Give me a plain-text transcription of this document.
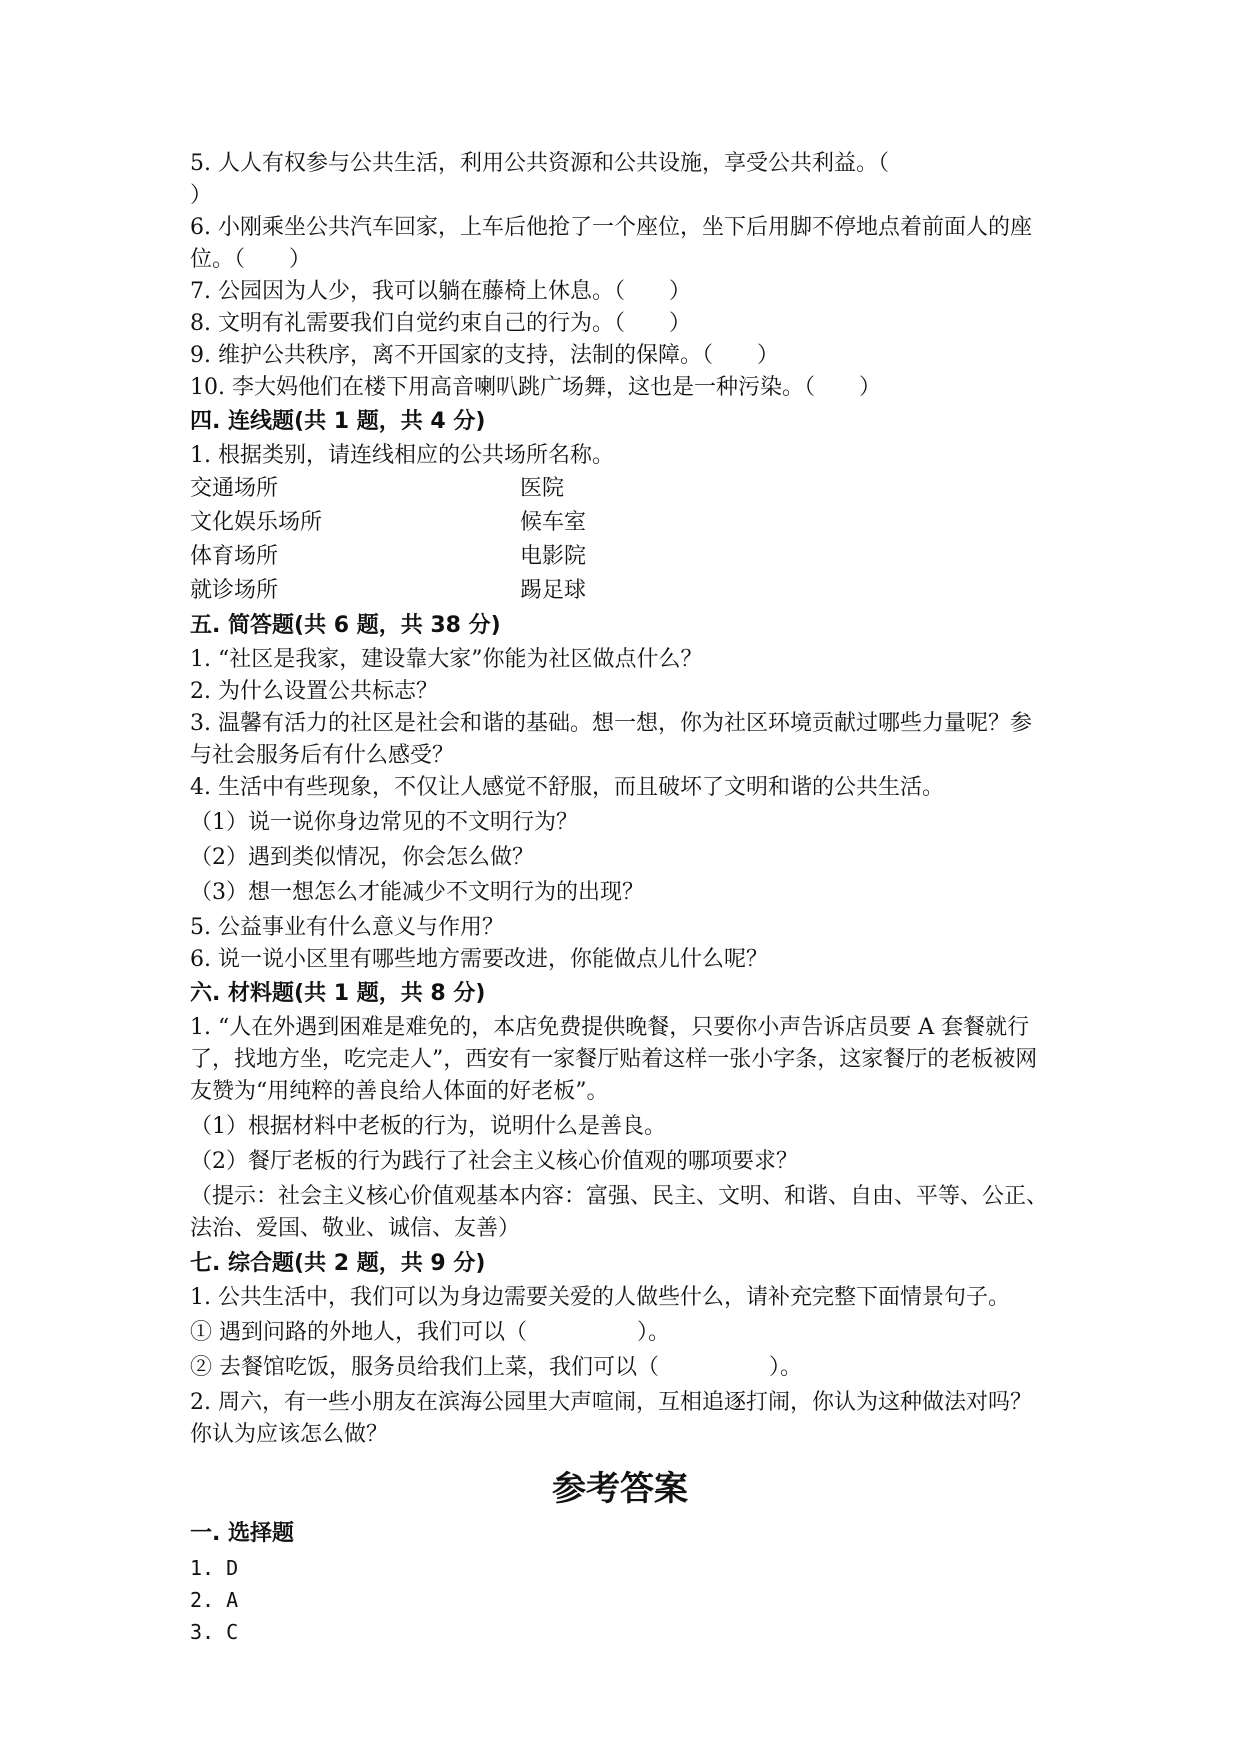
5. 人人有权参与公共生活，利用公共资源和公共设施，享受公共利益。（
）

6. 小刚乘坐公共汽车回家，上车后他抢了一个座位，坐下后用脚不停地点着前面人的座位。（　　）

7. 公园因为人少，我可以躺在藤椅上休息。（　　）

8. 文明有礼需要我们自觉约束自己的行为。（　　）

9. 维护公共秩序，离不开国家的支持，法制的保障。（　　）

10. 李大妈他们在楼下用高音喇叭跳广场舞，这也是一种污染。（　　）

四. 连线题(共 1 题，共 4 分)

1. 根据类别，请连线相应的公共场所名称。

交通场所	医院
文化娱乐场所	候车室
体育场所	电影院
就诊场所	踢足球
五. 简答题(共 6 题，共 38 分)

1. “社区是我家，建设靠大家”你能为社区做点什么？

2. 为什么设置公共标志？

3. 温馨有活力的社区是社会和谐的基础。想一想，你为社区环境贡献过哪些力量呢？参与社会服务后有什么感受？

4. 生活中有些现象，不仅让人感觉不舒服，而且破坏了文明和谐的公共生活。

（1）说一说你身边常见的不文明行为？

（2）遇到类似情况，你会怎么做？

（3）想一想怎么才能减少不文明行为的出现？

5. 公益事业有什么意义与作用？

6. 说一说小区里有哪些地方需要改进，你能做点儿什么呢？

六. 材料题(共 1 题，共 8 分)

1. “人在外遇到困难是难免的，本店免费提供晚餐，只要你小声告诉店员要 A 套餐就行了，找地方坐，吃完走人”，西安有一家餐厅贴着这样一张小字条，这家餐厅的老板被网友赞为“用纯粹的善良给人体面的好老板”。

（1）根据材料中老板的行为，说明什么是善良。

（2）餐厅老板的行为践行了社会主义核心价值观的哪项要求？

（提示：社会主义核心价值观基本内容：富强、民主、文明、和谐、自由、平等、公正、法治、爱国、敬业、诚信、友善）

七. 综合题(共 2 题，共 9 分)

1. 公共生活中，我们可以为身边需要关爱的人做些什么，请补充完整下面情景句子。

① 遇到问路的外地人，我们可以（　　　　　）。

② 去餐馆吃饭，服务员给我们上菜，我们可以（　　　　　）。

2. 周六，有一些小朋友在滨海公园里大声喧闹，互相追逐打闹，你认为这种做法对吗？你认为应该怎么做？

参考答案
一. 选择题
1. D
2. A
3. C
